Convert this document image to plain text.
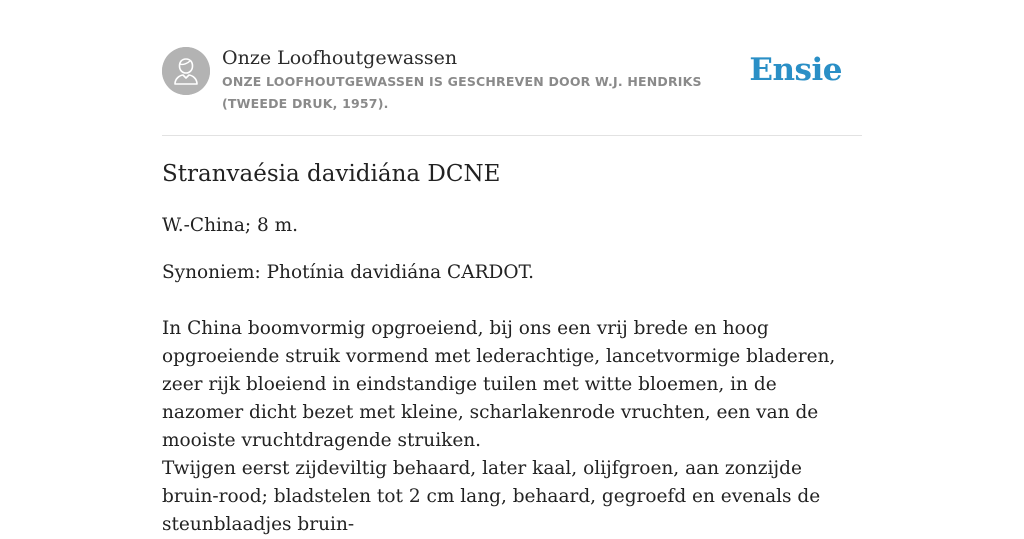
Onze Loofhoutgewassen
ONZE LOOFHOUTGEWASSEN IS GESCHREVEN DOOR W.J. HENDRIKS (TWEEDE DRUK, 1957).
Ensie
Stranvaésia davidiána DCNE

W.-China; 8 m.

Synoniem: Photínia davidiána CARDOT.

In China boomvormig opgroeiend, bij ons een vrij brede en hoog opgroeiende struik vormend met lederachtige, lancetvormige bladeren, zeer rijk bloeiend in eindstandige tuilen met witte bloemen, in de nazomer dicht bezet met kleine, scharlakenrode vruchten, een van de mooiste vruchtdragende struiken.

Twijgen eerst zijdeviltig behaard, later kaal, olijfgroen, aan zonzijde bruin-rood; bladstelen tot 2 cm lang, behaard, gegroefd en evenals de steunblaadjes bruin-
